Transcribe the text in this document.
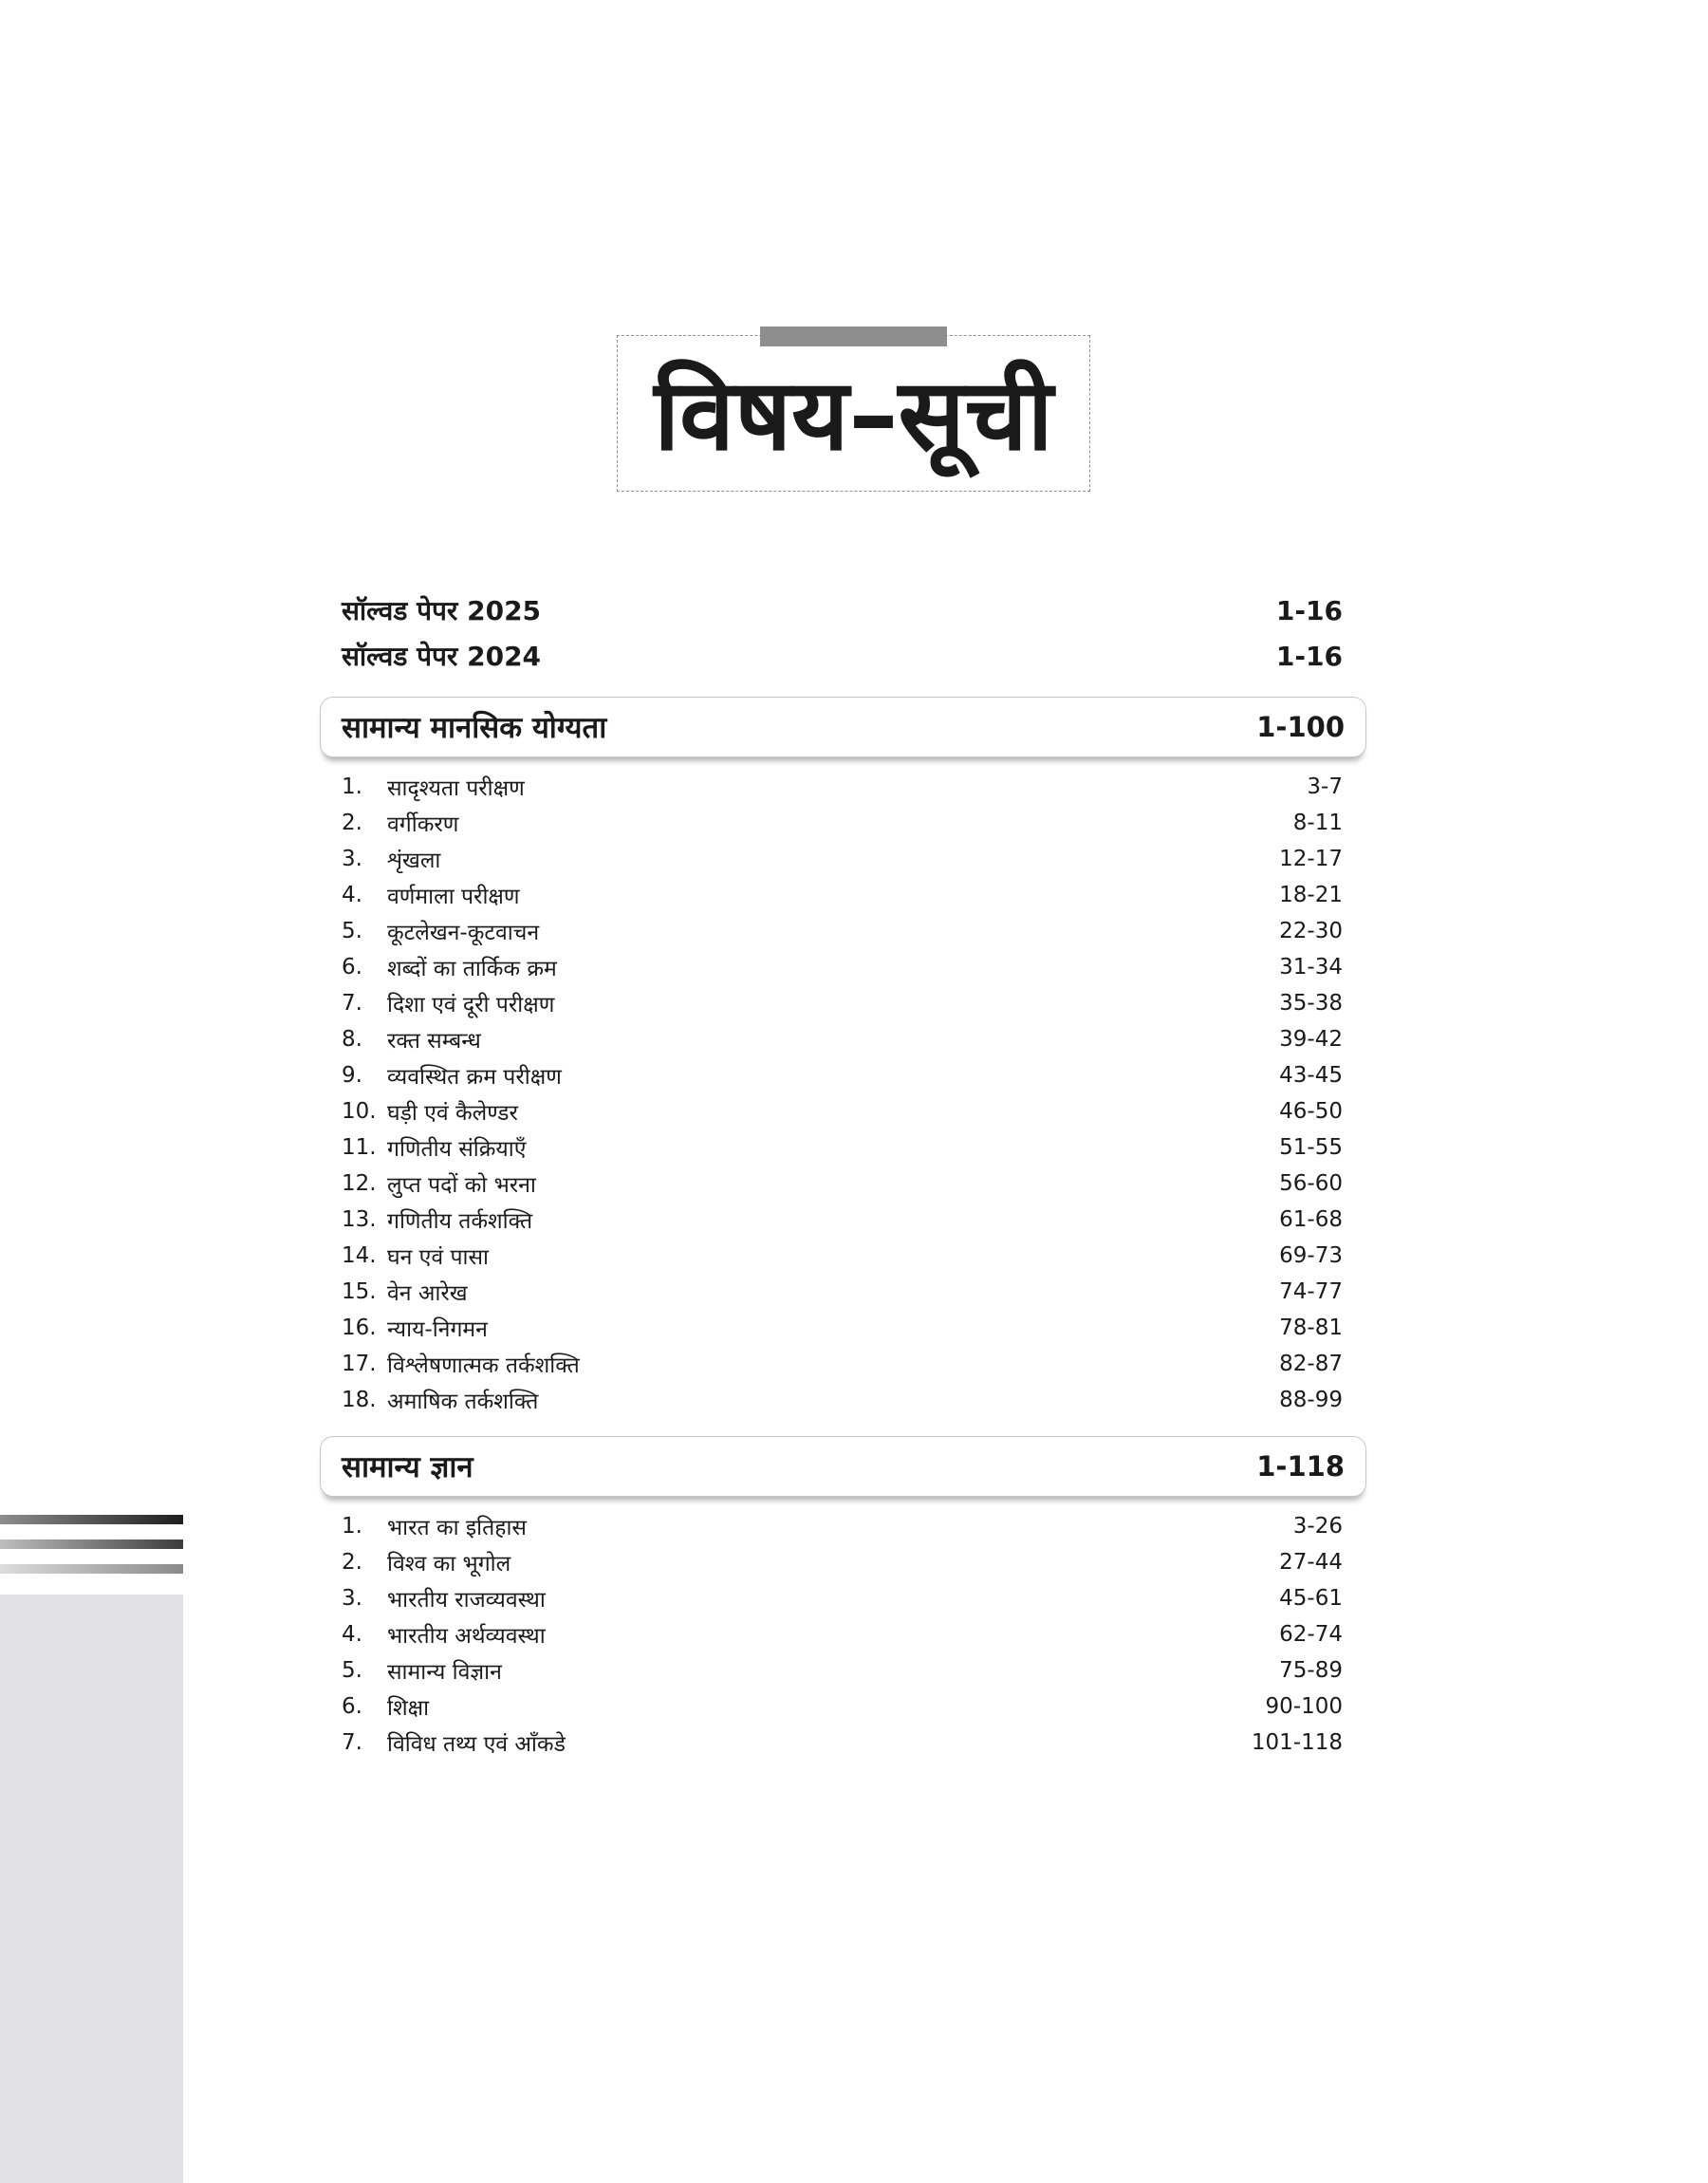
विषय–सूची
सॉल्वड पेपर 2025	1-16
सॉल्वड पेपर 2024	1-16
सामान्य मानसिक योग्यता	1-100
1.	सादृश्यता परीक्षण	3-7
2.	वर्गीकरण	8-11
3.	शृंखला	12-17
4.	वर्णमाला परीक्षण	18-21
5.	कूटलेखन-कूटवाचन	22-30
6.	शब्दों का तार्किक क्रम	31-34
7.	दिशा एवं दूरी परीक्षण	35-38
8.	रक्त सम्बन्ध	39-42
9.	व्यवस्थित क्रम परीक्षण	43-45
10. घड़ी एवं कैलेण्डर	46-50
11. गणितीय संक्रियाएँ	51-55
12. लुप्त पदों को भरना	56-60
13. गणितीय तर्कशक्ति	61-68
14. घन एवं पासा	69-73
15. वेन आरेख	74-77
16. न्याय-निगमन	78-81
17. विश्लेषणात्मक तर्कशक्ति	82-87
18. अमाषिक तर्कशक्ति	88-99
सामान्य ज्ञान	1-118
1.	भारत का इतिहास	3-26
2.	विश्व का भूगोल	27-44
3.	भारतीय राजव्यवस्था	45-61
4.	भारतीय अर्थव्यवस्था	62-74
5.	सामान्य विज्ञान	75-89
6.	शिक्षा	90-100
7.	विविध तथ्य एवं आँकडे	101-118
